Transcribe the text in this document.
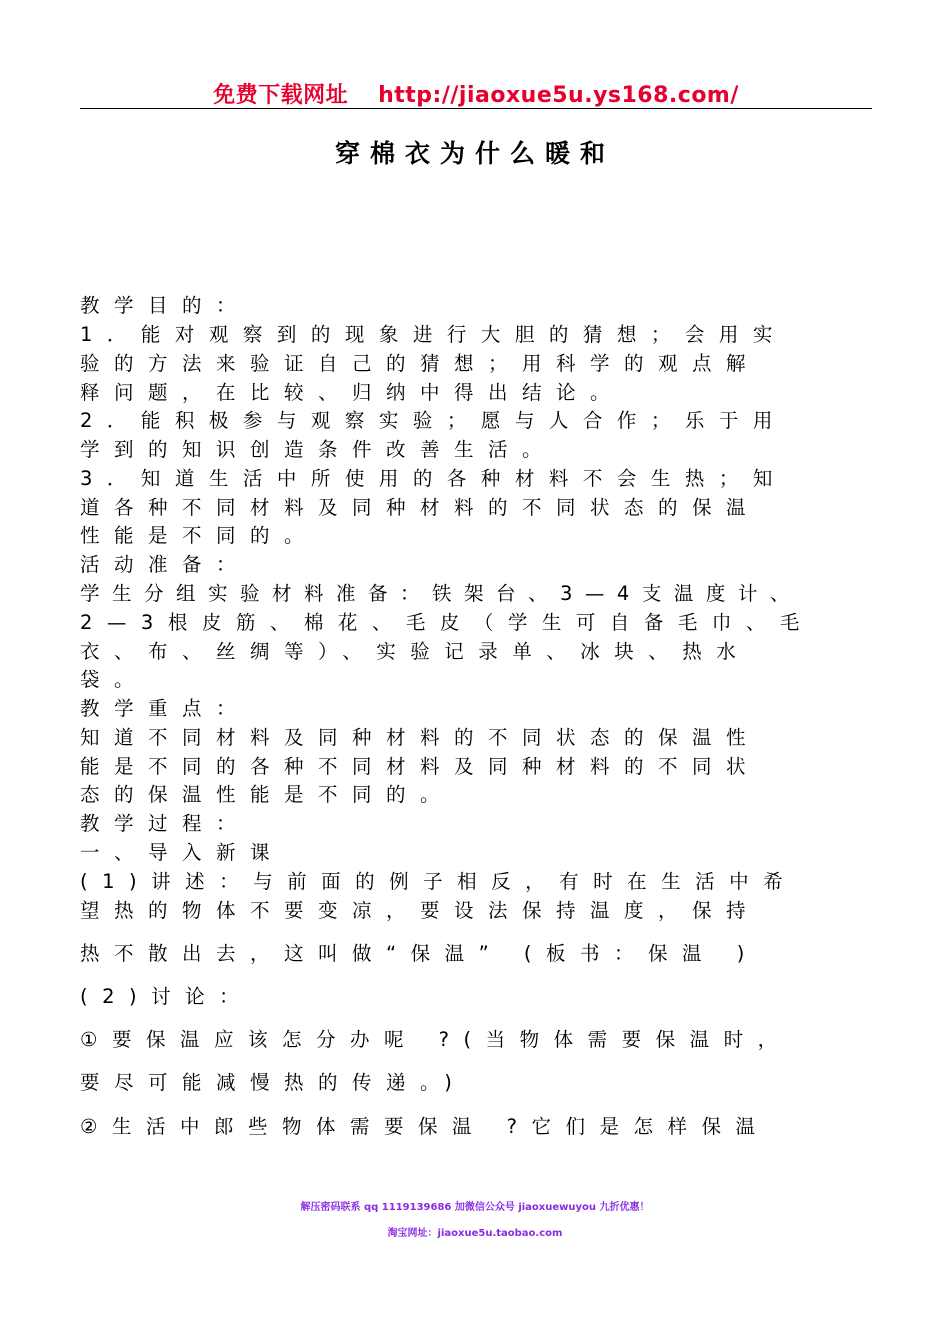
免费下载网址 http://jiaoxue5u.ys168.com/
穿棉衣为什么暖和
教学目的：
1．能对观察到的现象进行大胆的猜想；会用实
验的方法来验证自己的猜想；用科学的观点解
释问题，在比较、归纳中得出结论。
2．能积极参与观察实验；愿与人合作；乐于用
学到的知识创造条件改善生活。
3．知道生活中所使用的各种材料不会生热；知
道各种不同材料及同种材料的不同状态的保温
性能是不同的。
活动准备：
学生分组实验材料准备：铁架台、3—4支温度计、
2—3根皮筋、棉花、毛皮（学生可自备毛巾、毛
衣、布、丝绸等）、实验记录单、冰块、热水
袋。
教学重点：
知道不同材料及同种材料的不同状态的保温性
能是不同的各种不同材料及同种材料的不同状
态的保温性能是不同的。
教学过程：
一、导入新课
(1)讲述：与前面的例子相反，有时在生活中希
望热的物体不要变凉，要设法保持温度，保持
热不散出去，这叫做“保温” (板书：保温 )
(2)讨论：
①要保温应该怎分办呢 ?(当物体需要保温时，
要尽可能减慢热的传递。)
②生活中郎些物体需要保温 ?它们是怎样保温
解压密码联系 qq 1119139686 加微信公众号 jiaoxuewuyou 九折优惠！
淘宝网址：jiaoxue5u.taobao.com
